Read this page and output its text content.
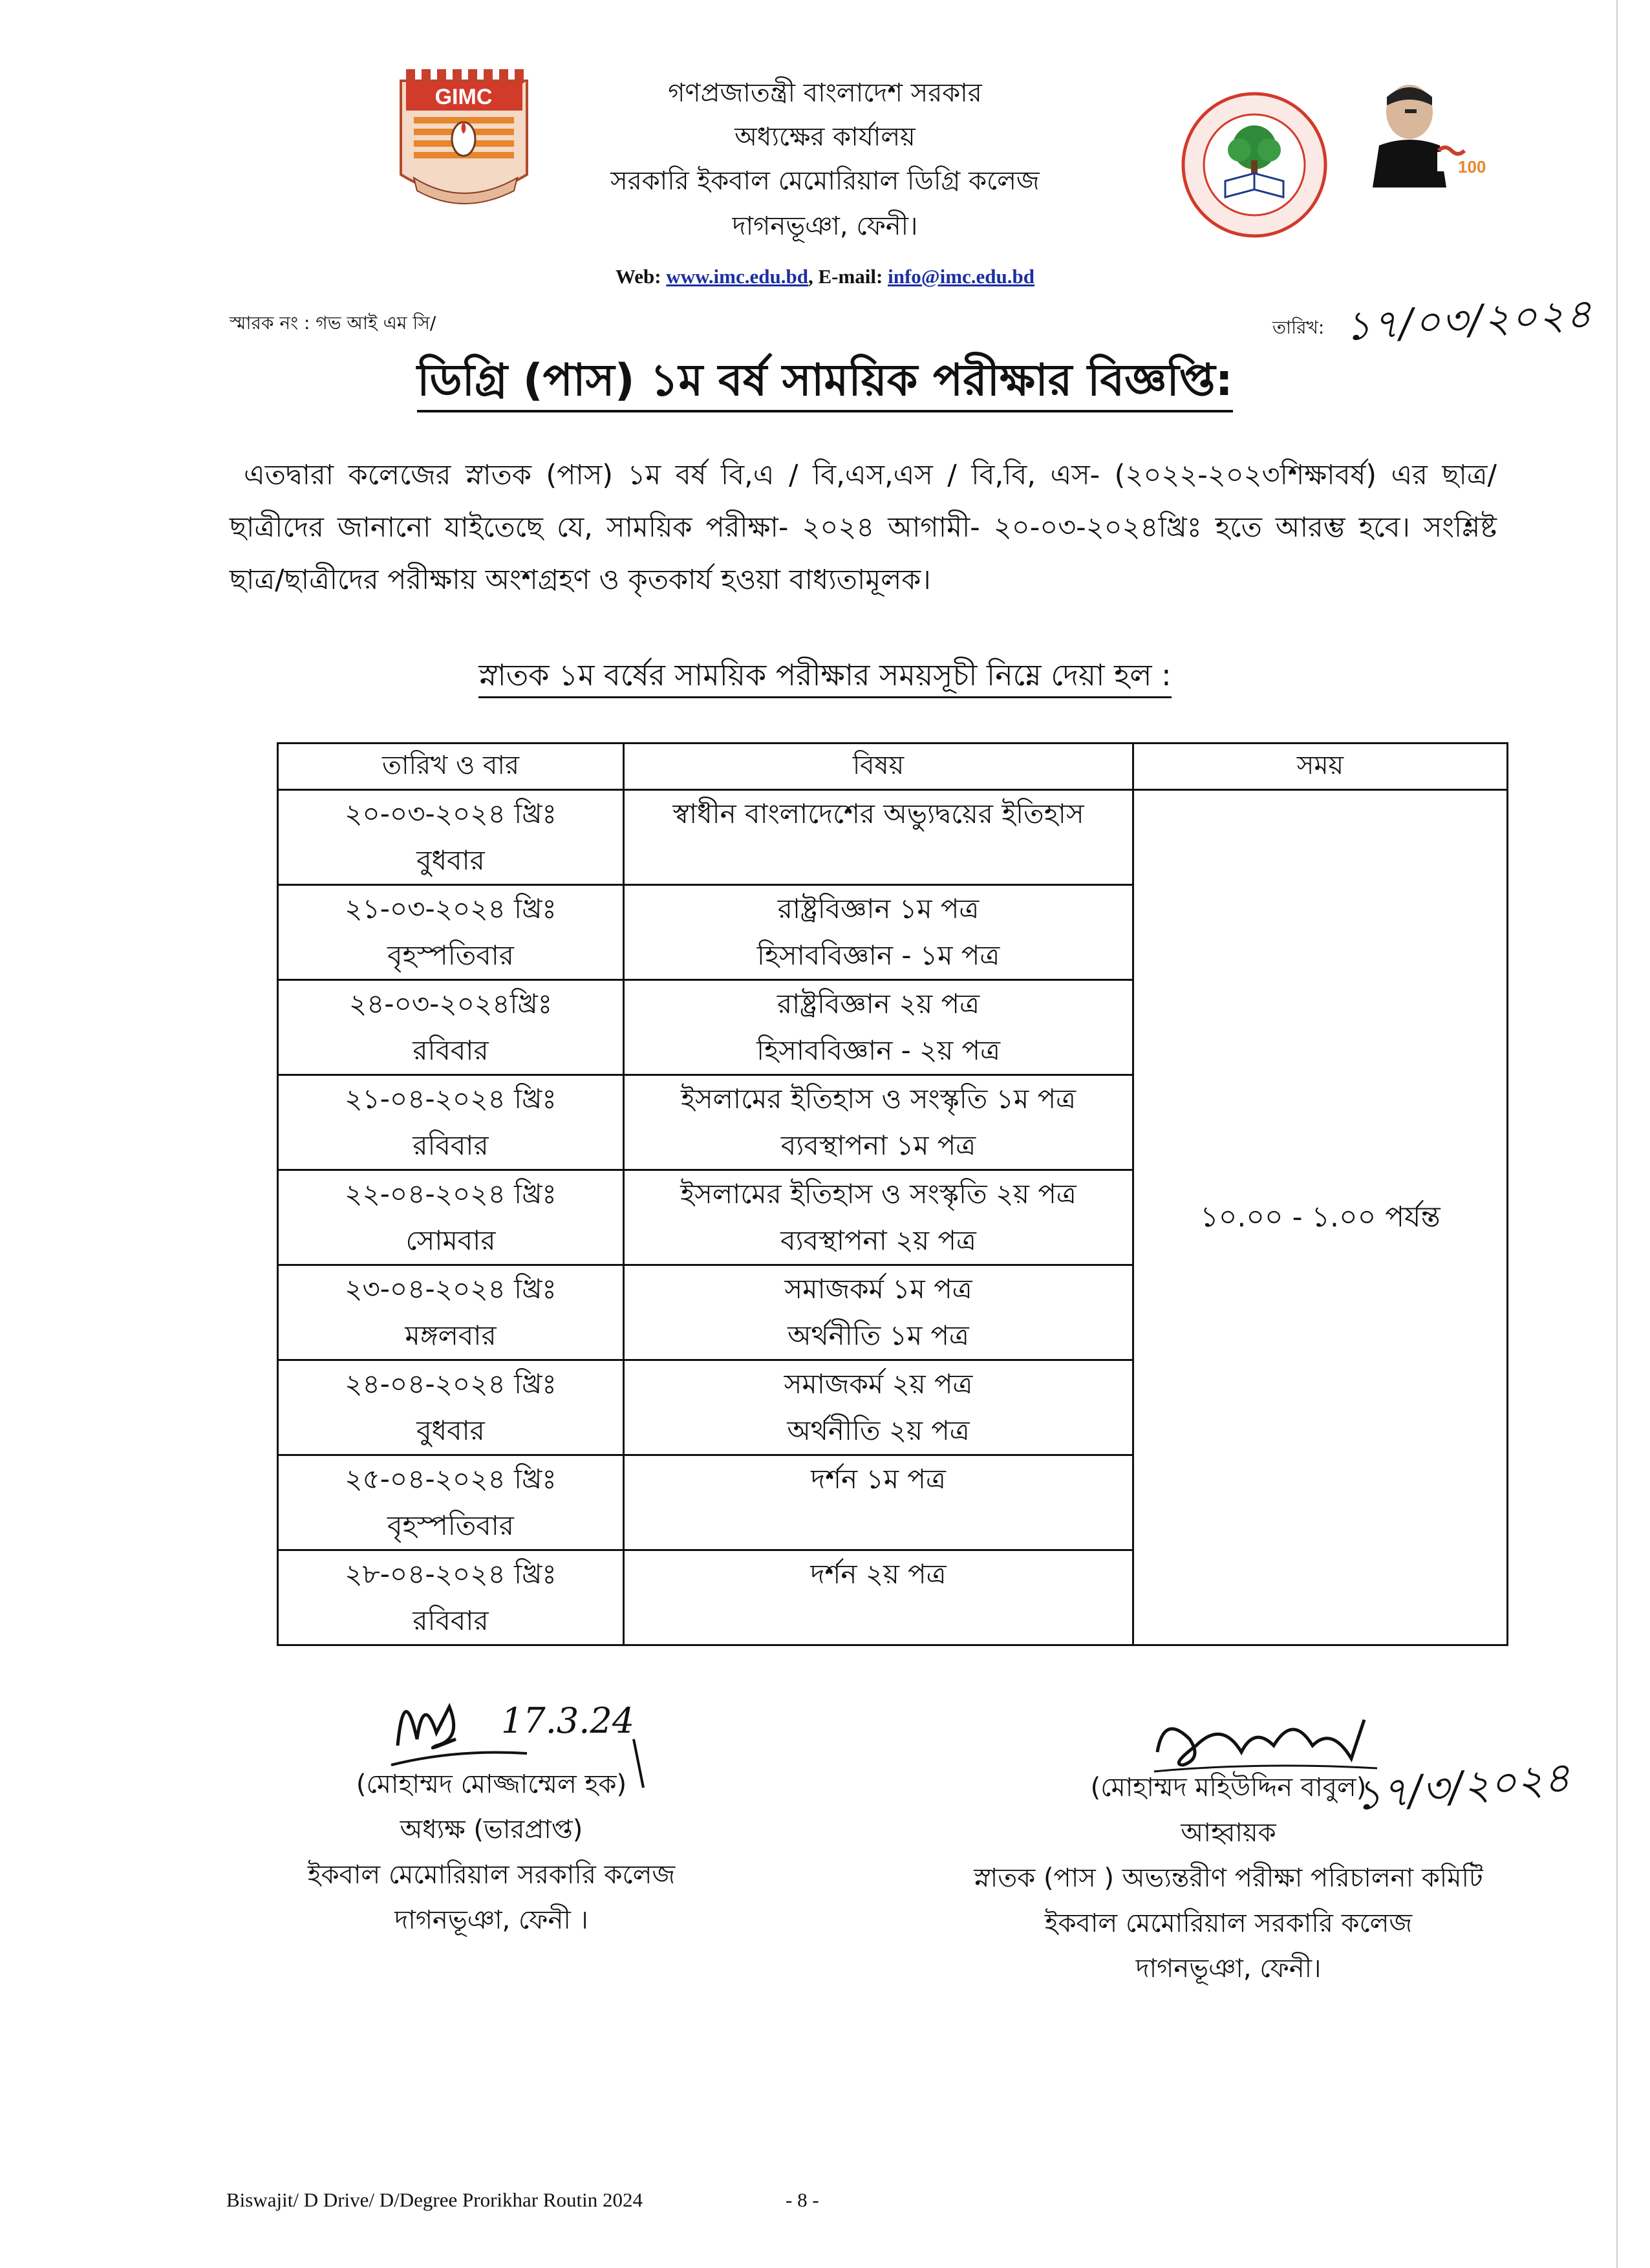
GIMC	গণপ্রজাতন্ত্রী বাংলাদেশ সরকার
অধ্যক্ষের কার্যালয়
সরকারি ইকবাল মেমোরিয়াল ডিগ্রি কলেজ
দাগনভূঞা, ফেনী।
100
Web: www.imc.edu.bd, E-mail: info@imc.edu.bd
স্মারক নং : গভ আই এম সি/	তারিখ: ১৭/০৩/২০২৪
ডিগ্রি (পাস) ১ম বর্ষ সাময়িক পরীক্ষার বিজ্ঞপ্তি:
এতদ্বারা কলেজের স্নাতক (পাস) ১ম বর্ষ বি,এ / বি,এস,এস / বি,বি, এস- (২০২২-২০২৩শিক্ষাবর্ষ) এর ছাত্র/ছাত্রীদের জানানো যাইতেছে যে, সাময়িক পরীক্ষা- ২০২৪ আগামী- ২০-০৩-২০২৪খ্রিঃ হতে আরম্ভ হবে। সংশ্লিষ্ট ছাত্র/ছাত্রীদের পরীক্ষায় অংশগ্রহণ ও কৃতকার্য হওয়া বাধ্যতামূলক।
স্নাতক ১ম বর্ষের সাময়িক পরীক্ষার সময়সূচী নিম্নে দেয়া হল :
তারিখ ও বার	বিষয়	সময়

২০-০৩-২০২৪ খ্রিঃ
বুধবার	স্বাধীন বাংলাদেশের অভ্যুদ্বয়ের ইতিহাস	১০.০০ - ১.০০ পর্যন্ত

২১-০৩-২০২৪ খ্রিঃ
বৃহস্পতিবার	রাষ্ট্রবিজ্ঞান ১ম পত্র
হিসাববিজ্ঞান - ১ম পত্র	

২৪-০৩-২০২৪খ্রিঃ
রবিবার	রাষ্ট্রবিজ্ঞান ২য় পত্র
হিসাববিজ্ঞান - ২য় পত্র	

২১-০৪-২০২৪ খ্রিঃ
রবিবার	ইসলামের ইতিহাস ও সংস্কৃতি ১ম পত্র
ব্যবস্থাপনা ১ম পত্র	

২২-০৪-২০২৪ খ্রিঃ
সোমবার	ইসলামের ইতিহাস ও সংস্কৃতি ২য় পত্র
ব্যবস্থাপনা ২য় পত্র	

২৩-০৪-২০২৪ খ্রিঃ
মঙ্গলবার	সমাজকর্ম ১ম পত্র
অর্থনীতি ১ম পত্র	

২৪-০৪-২০২৪ খ্রিঃ
বুধবার	সমাজকর্ম ২য় পত্র
অর্থনীতি ২য় পত্র	

২৫-০৪-২০২৪ খ্রিঃ
বৃহস্পতিবার	দর্শন ১ম পত্র	

২৮-০৪-২০২৪ খ্রিঃ
রবিবার	দর্শন ২য় পত্র	
17.3.24
(মোহাম্মদ মোজ্জাম্মেল হক)
অধ্যক্ষ (ভারপ্রাপ্ত)
ইকবাল মেমোরিয়াল সরকারি কলেজ
দাগনভূঞা, ফেনী ।
১৭/৩/২০২৪
(মোহাম্মদ মহিউদ্দিন বাবুল)
আহ্বায়ক
স্নাতক (পাস ) অভ্যন্তরীণ পরীক্ষা পরিচালনা কমিটি
ইকবাল মেমোরিয়াল সরকারি কলেজ
দাগনভূঞা, ফেনী।
Biswajit/ D Drive/ D/Degree Prorikhar Routin 2024	- 8 -
